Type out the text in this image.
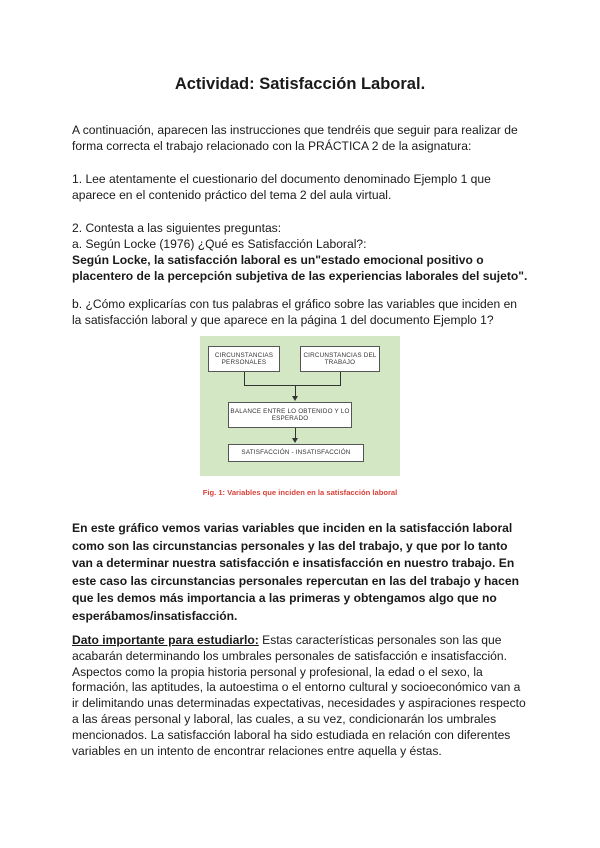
Actividad: Satisfacción Laboral.

A continuación, aparecen las instrucciones que tendréis que seguir para realizar de forma correcta el trabajo relacionado con la PRÁCTICA 2 de la asignatura:

1. Lee atentamente el cuestionario del documento denominado Ejemplo 1 que aparece en el contenido práctico del tema 2 del aula virtual.

2. Contesta a las siguientes preguntas:

a. Según Locke (1976) ¿Qué es Satisfacción Laboral?:

Según Locke, la satisfacción laboral es un"estado emocional positivo o placentero de la percepción subjetiva de las experiencias laborales del sujeto".

b. ¿Cómo explicarías con tus palabras el gráfico sobre las variables que inciden en la satisfacción laboral y que aparece en la página 1 del documento Ejemplo 1?

CIRCUNSTANCIAS PERSONALES
CIRCUNSTANCIAS DEL TRABAJO
BALANCE ENTRE LO OBTENIDO Y LO ESPERADO
SATISFACCIÓN - INSATISFACCIÓN
Fig. 1: Variables que inciden en la satisfacción laboral

En este gráfico vemos varias variables que inciden en la satisfacción laboral como son las circunstancias personales y las del trabajo, y que por lo tanto van a determinar nuestra satisfacción e insatisfacción en nuestro trabajo. En este caso las circunstancias personales repercutan en las del trabajo y hacen que les demos más importancia a las primeras y obtengamos algo que no esperábamos/insatisfacción.

Dato importante para estudiarlo: Estas características personales son las que acabarán determinando los umbrales personales de satisfacción e insatisfacción. Aspectos como la propia historia personal y profesional, la edad o el sexo, la formación, las aptitudes, la autoestima o el entorno cultural y socioeconómico van a ir delimitando unas determinadas expectativas, necesidades y aspiraciones respecto a las áreas personal y laboral, las cuales, a su vez, condicionarán los umbrales mencionados. La satisfacción laboral ha sido estudiada en relación con diferentes variables en un intento de encontrar relaciones entre aquella y éstas.
